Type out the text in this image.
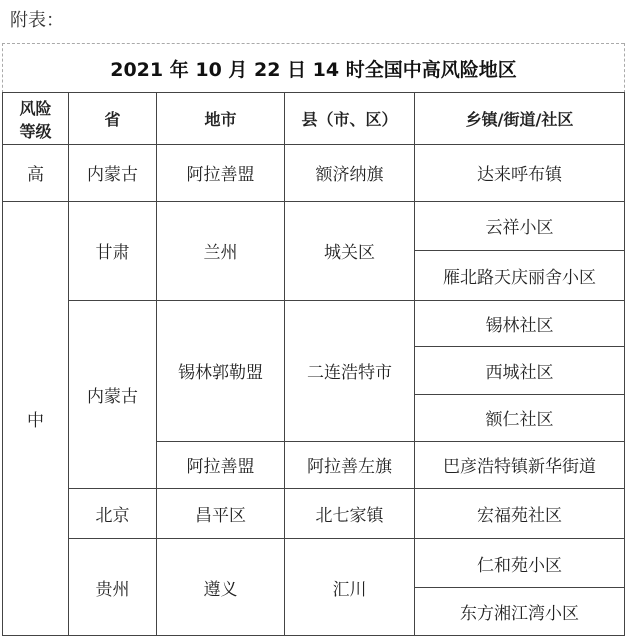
附表：
2021 年 10 月 22 日 14 时全国中高风险地区
风险
等级	省	地市	县（市、区）	乡镇/街道/社区
高	内蒙古	阿拉善盟	额济纳旗	达来呼布镇
中	甘肃	兰州	城关区	云祥小区
				雁北路天庆丽舍小区
	内蒙古	锡林郭勒盟	二连浩特市	锡林社区
				西城社区
				额仁社区
		阿拉善盟	阿拉善左旗	巴彦浩特镇新华街道
	北京	昌平区	北七家镇	宏福苑社区
	贵州	遵义	汇川	仁和苑小区
				东方湘江湾小区
